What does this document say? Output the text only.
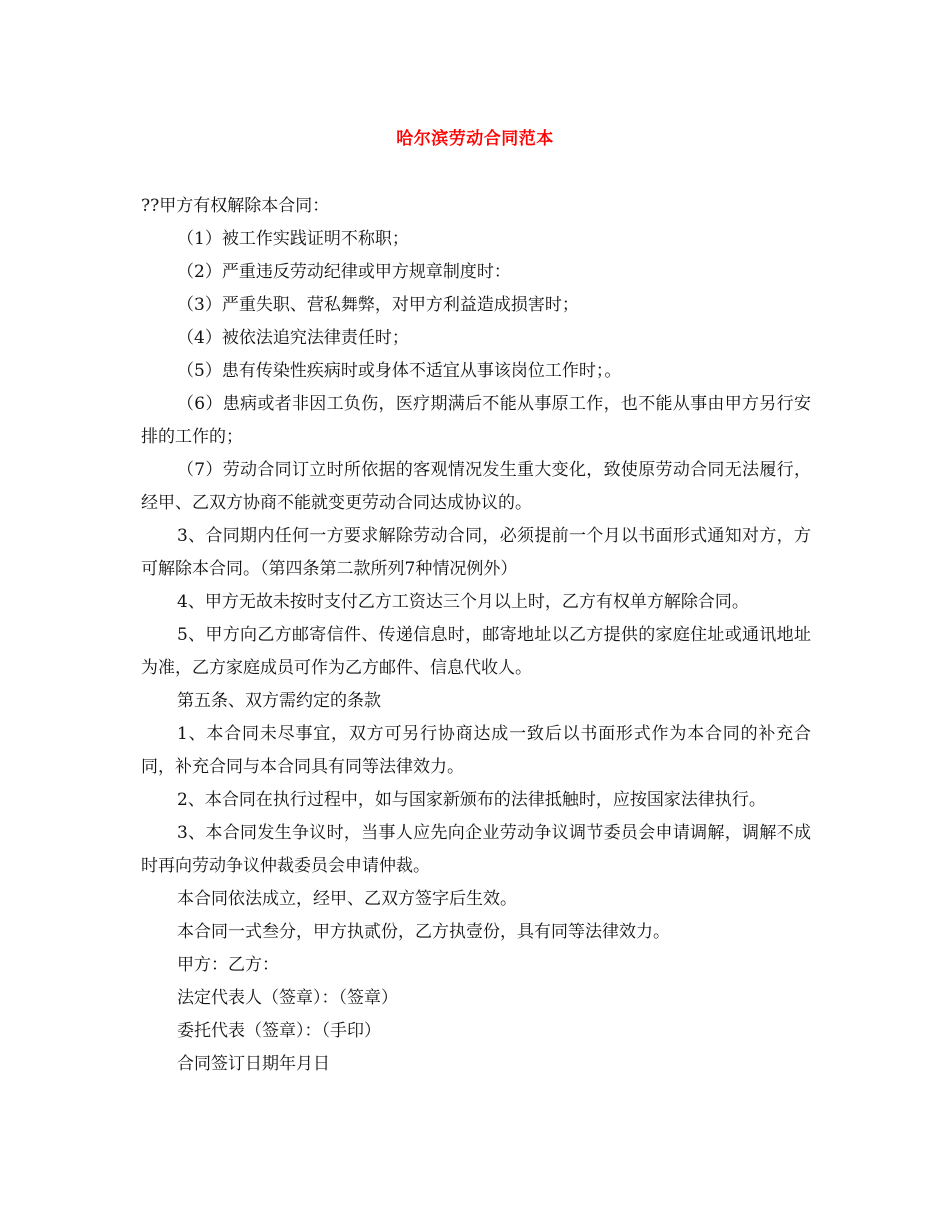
哈尔滨劳动合同范本

??甲方有权解除本合同：

（1）被工作实践证明不称职；

（2）严重违反劳动纪律或甲方规章制度时：

（3）严重失职、营私舞弊，对甲方利益造成损害时；

（4）被依法追究法律责任时；

（5）患有传染性疾病时或身体不适宜从事该岗位工作时；。

（6）患病或者非因工负伤，医疗期满后不能从事原工作，也不能从事由甲方另行安排的工作的；

（7）劳动合同订立时所依据的客观情况发生重大变化，致使原劳动合同无法履行，经甲、乙双方协商不能就变更劳动合同达成协议的。

3、合同期内任何一方要求解除劳动合同，必须提前一个月以书面形式通知对方，方可解除本合同。（第四条第二款所列7种情况例外）

4、甲方无故未按时支付乙方工资达三个月以上时，乙方有权单方解除合同。

5、甲方向乙方邮寄信件、传递信息时，邮寄地址以乙方提供的家庭住址或通讯地址为准，乙方家庭成员可作为乙方邮件、信息代收人。

第五条、双方需约定的条款

1、本合同未尽事宜，双方可另行协商达成一致后以书面形式作为本合同的补充合同，补充合同与本合同具有同等法律效力。

2、本合同在执行过程中，如与国家新颁布的法律抵触时，应按国家法律执行。

3、本合同发生争议时，当事人应先向企业劳动争议调节委员会申请调解，调解不成时再向劳动争议仲裁委员会申请仲裁。

本合同依法成立，经甲、乙双方签字后生效。

本合同一式叁分，甲方执贰份，乙方执壹份，具有同等法律效力。

甲方：乙方：

法定代表人（签章）：（签章）

委托代表（签章）：（手印）

合同签订日期年月日
